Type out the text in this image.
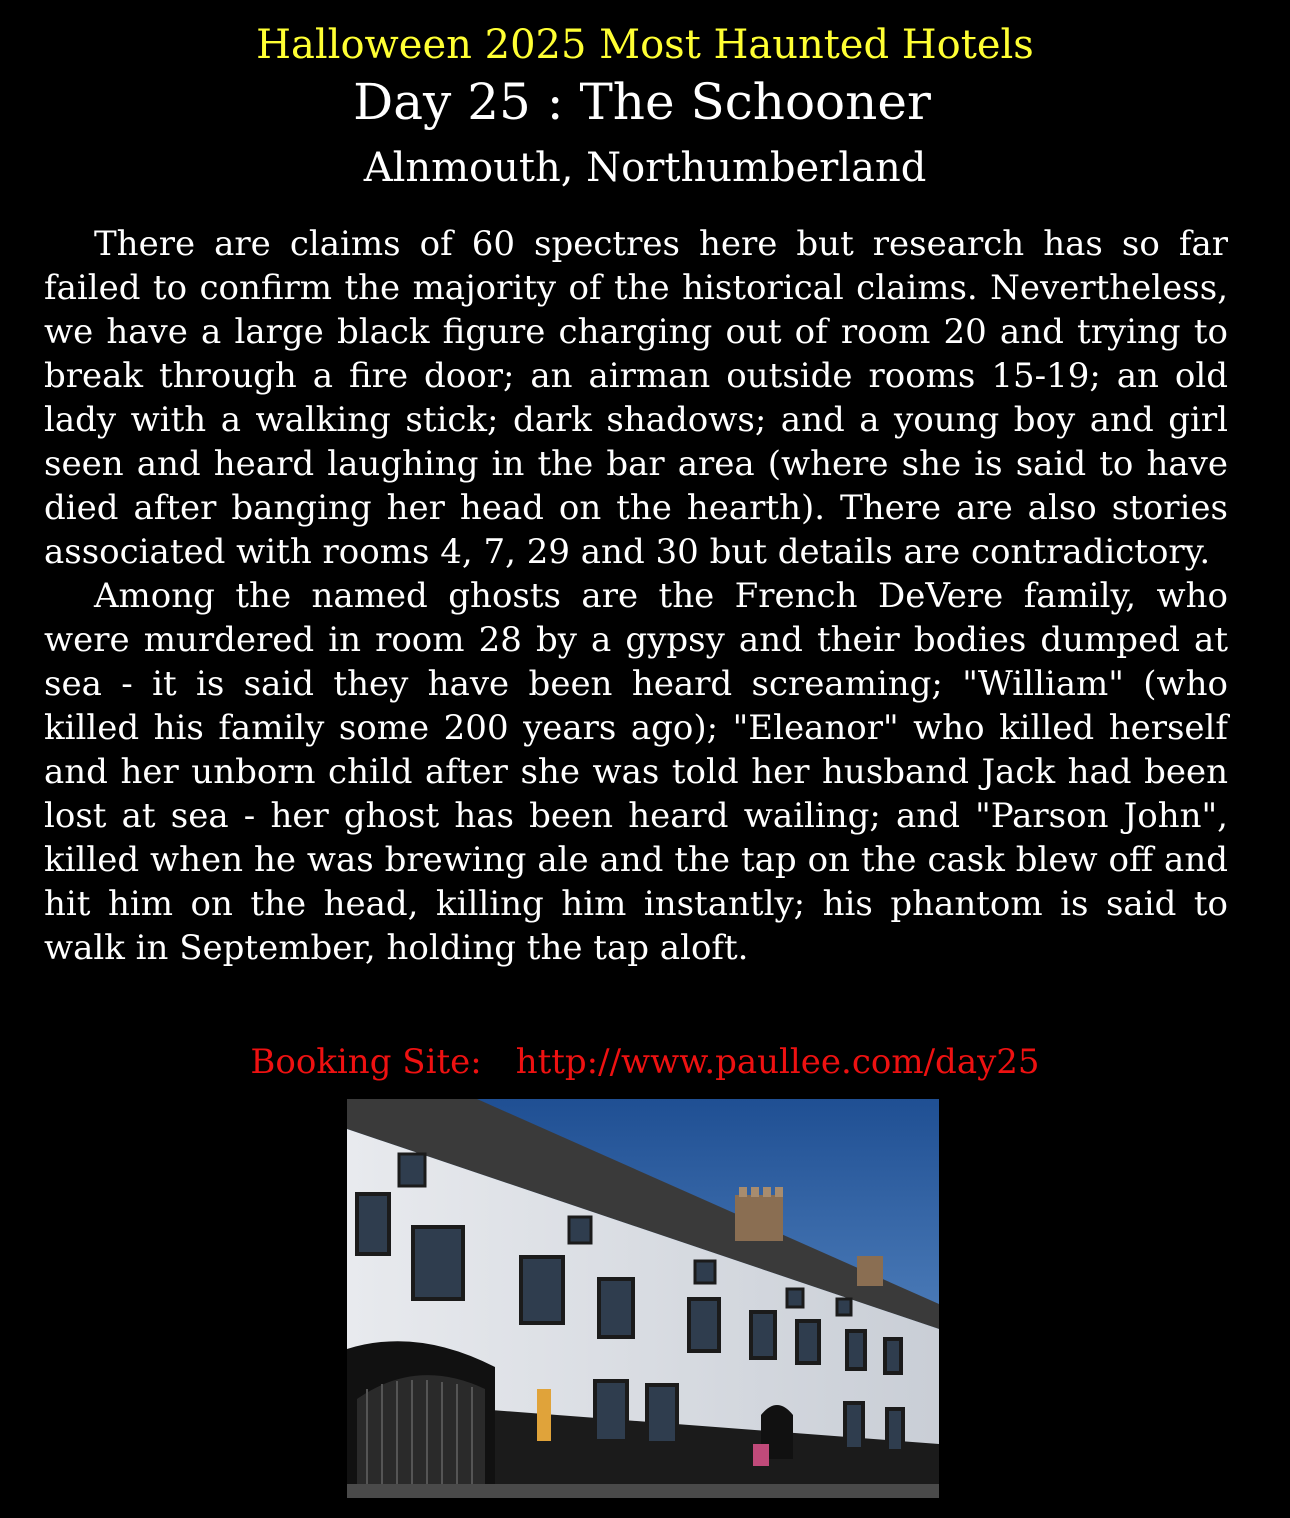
Halloween 2025 Most Haunted Hotels
Day 25 : The Schooner
Alnmouth, Northumberland

There are claims of 60 spectres here but research has so far failed to confirm the majority of the historical claims. Nevertheless, we have a large black figure charging out of room 20 and trying to break through a fire door; an airman outside rooms 15-19; an old lady with a walking stick; dark shadows; and a young boy and girl seen and heard laughing in the bar area (where she is said to have died after banging her head on the hearth). There are also stories associated with rooms 4, 7, 29 and 30 but details are contradictory.

Among the named ghosts are the French DeVere family, who were murdered in room 28 by a gypsy and their bodies dumped at sea - it is said they have been heard screaming; "William" (who killed his family some 200 years ago); "Eleanor" who killed herself and her unborn child after she was told her husband Jack had been lost at sea - her ghost has been heard wailing; and "Parson John", killed when he was brewing ale and the tap on the cask blew off and hit him on the head, killing him instantly; his phantom is said to walk in September, holding the tap aloft.

Booking Site: http://www.paullee.com/day25
